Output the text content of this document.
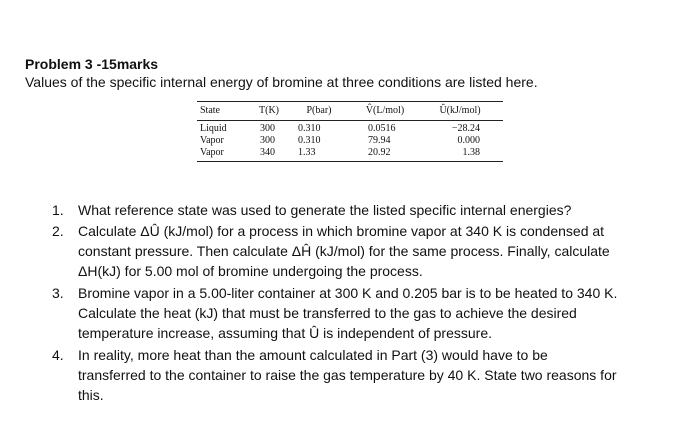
Problem 3 -15marks
Values of the specific internal energy of bromine at three conditions are listed here.
State	T(K)	P(bar)	V̂(L/mol)	Û(kJ/mol)
Liquid	300	0.310	0.0516	−28.24
Vapor	300	0.310	79.94	0.000
Vapor	340	1.33	20.92	1.38
1. What reference state was used to generate the listed specific internal energies?
2. Calculate ΔÛ (kJ/mol) for a process in which bromine vapor at 340 K is condensed at
constant pressure. Then calculate ΔĤ (kJ/mol) for the same process. Finally, calculate
ΔH(kJ) for 5.00 mol of bromine undergoing the process.
3. Bromine vapor in a 5.00-liter container at 300 K and 0.205 bar is to be heated to 340 K.
Calculate the heat (kJ) that must be transferred to the gas to achieve the desired
temperature increase, assuming that Û is independent of pressure.
4. In reality, more heat than the amount calculated in Part (3) would have to be
transferred to the container to raise the gas temperature by 40 K. State two reasons for
this.
